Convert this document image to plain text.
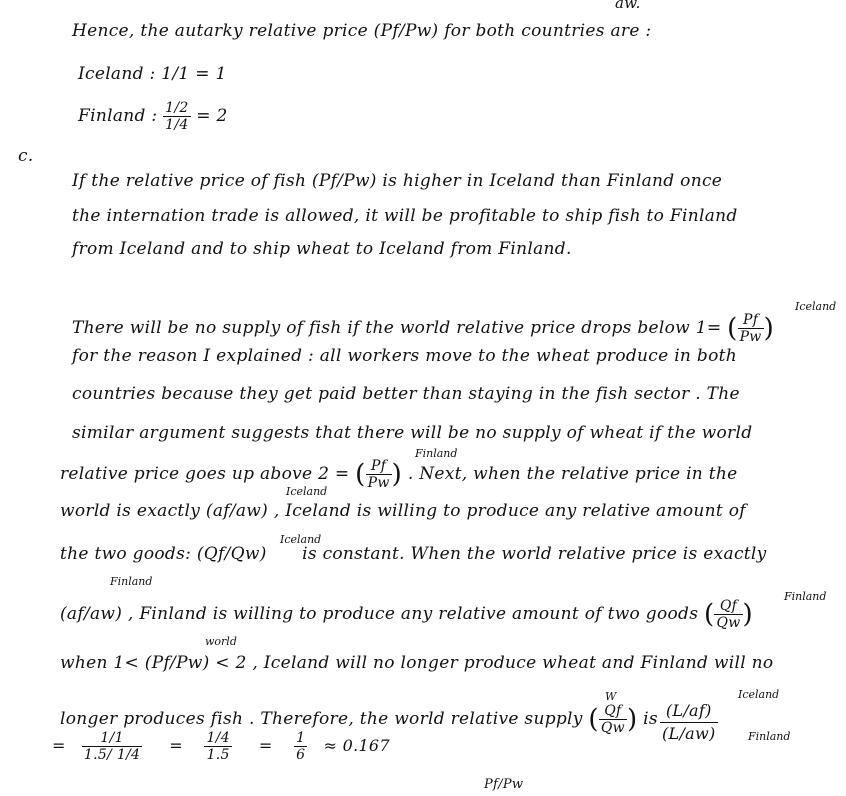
aw.
Hence, the autarky relative price (Pf/Pw) for both countries are :
Iceland : 1/1 = 1
Finland : $\frac{1/2}{1/4} = 2$
c.
If the relative price of fish (Pf/Pw) is higher in Iceland than Finland once
the internation trade is allowed, it will be profitable to ship fish to Finland
from Iceland and to ship wheat to Iceland from Finland.
There will be no supply of fish if the world relative price drops below 1= ( $\frac{Pf}{Pw}$ )
Iceland
for the reason I explained : all workers move to the wheat produce in both
countries because they get paid better than staying in the fish sector . The
similar argument suggests that there will be no supply of wheat if the world
relative price goes up above 2 = ( $\frac{Pf}{Pw}$ ) . Next, when the relative price in the
Finland
world is exactly (af/aw) , Iceland is willing to produce any relative amount of
Iceland
the two goods: (Qf/Qw) is constant. When the world relative price is exactly
Iceland
Finland
(af/aw) , Finland is willing to produce any relative amount of two goods ( $\frac{Qf}{Qw}$ )
Finland
world
when 1< (Pf/Pw) < 2 , Iceland will no longer produce wheat and Finland will no
longer produces fish . Therefore, the world relative supply ( $\frac{Qf}{Qw}$ ) is
W
$\frac{(L/af)}{(L/aw)}$
Iceland
Finland
= $\frac{1/1}{1.5/ 1/4} = \frac{1/4}{1.5} = \frac{1}{6} \approx 0.167$
Pf/Pw
